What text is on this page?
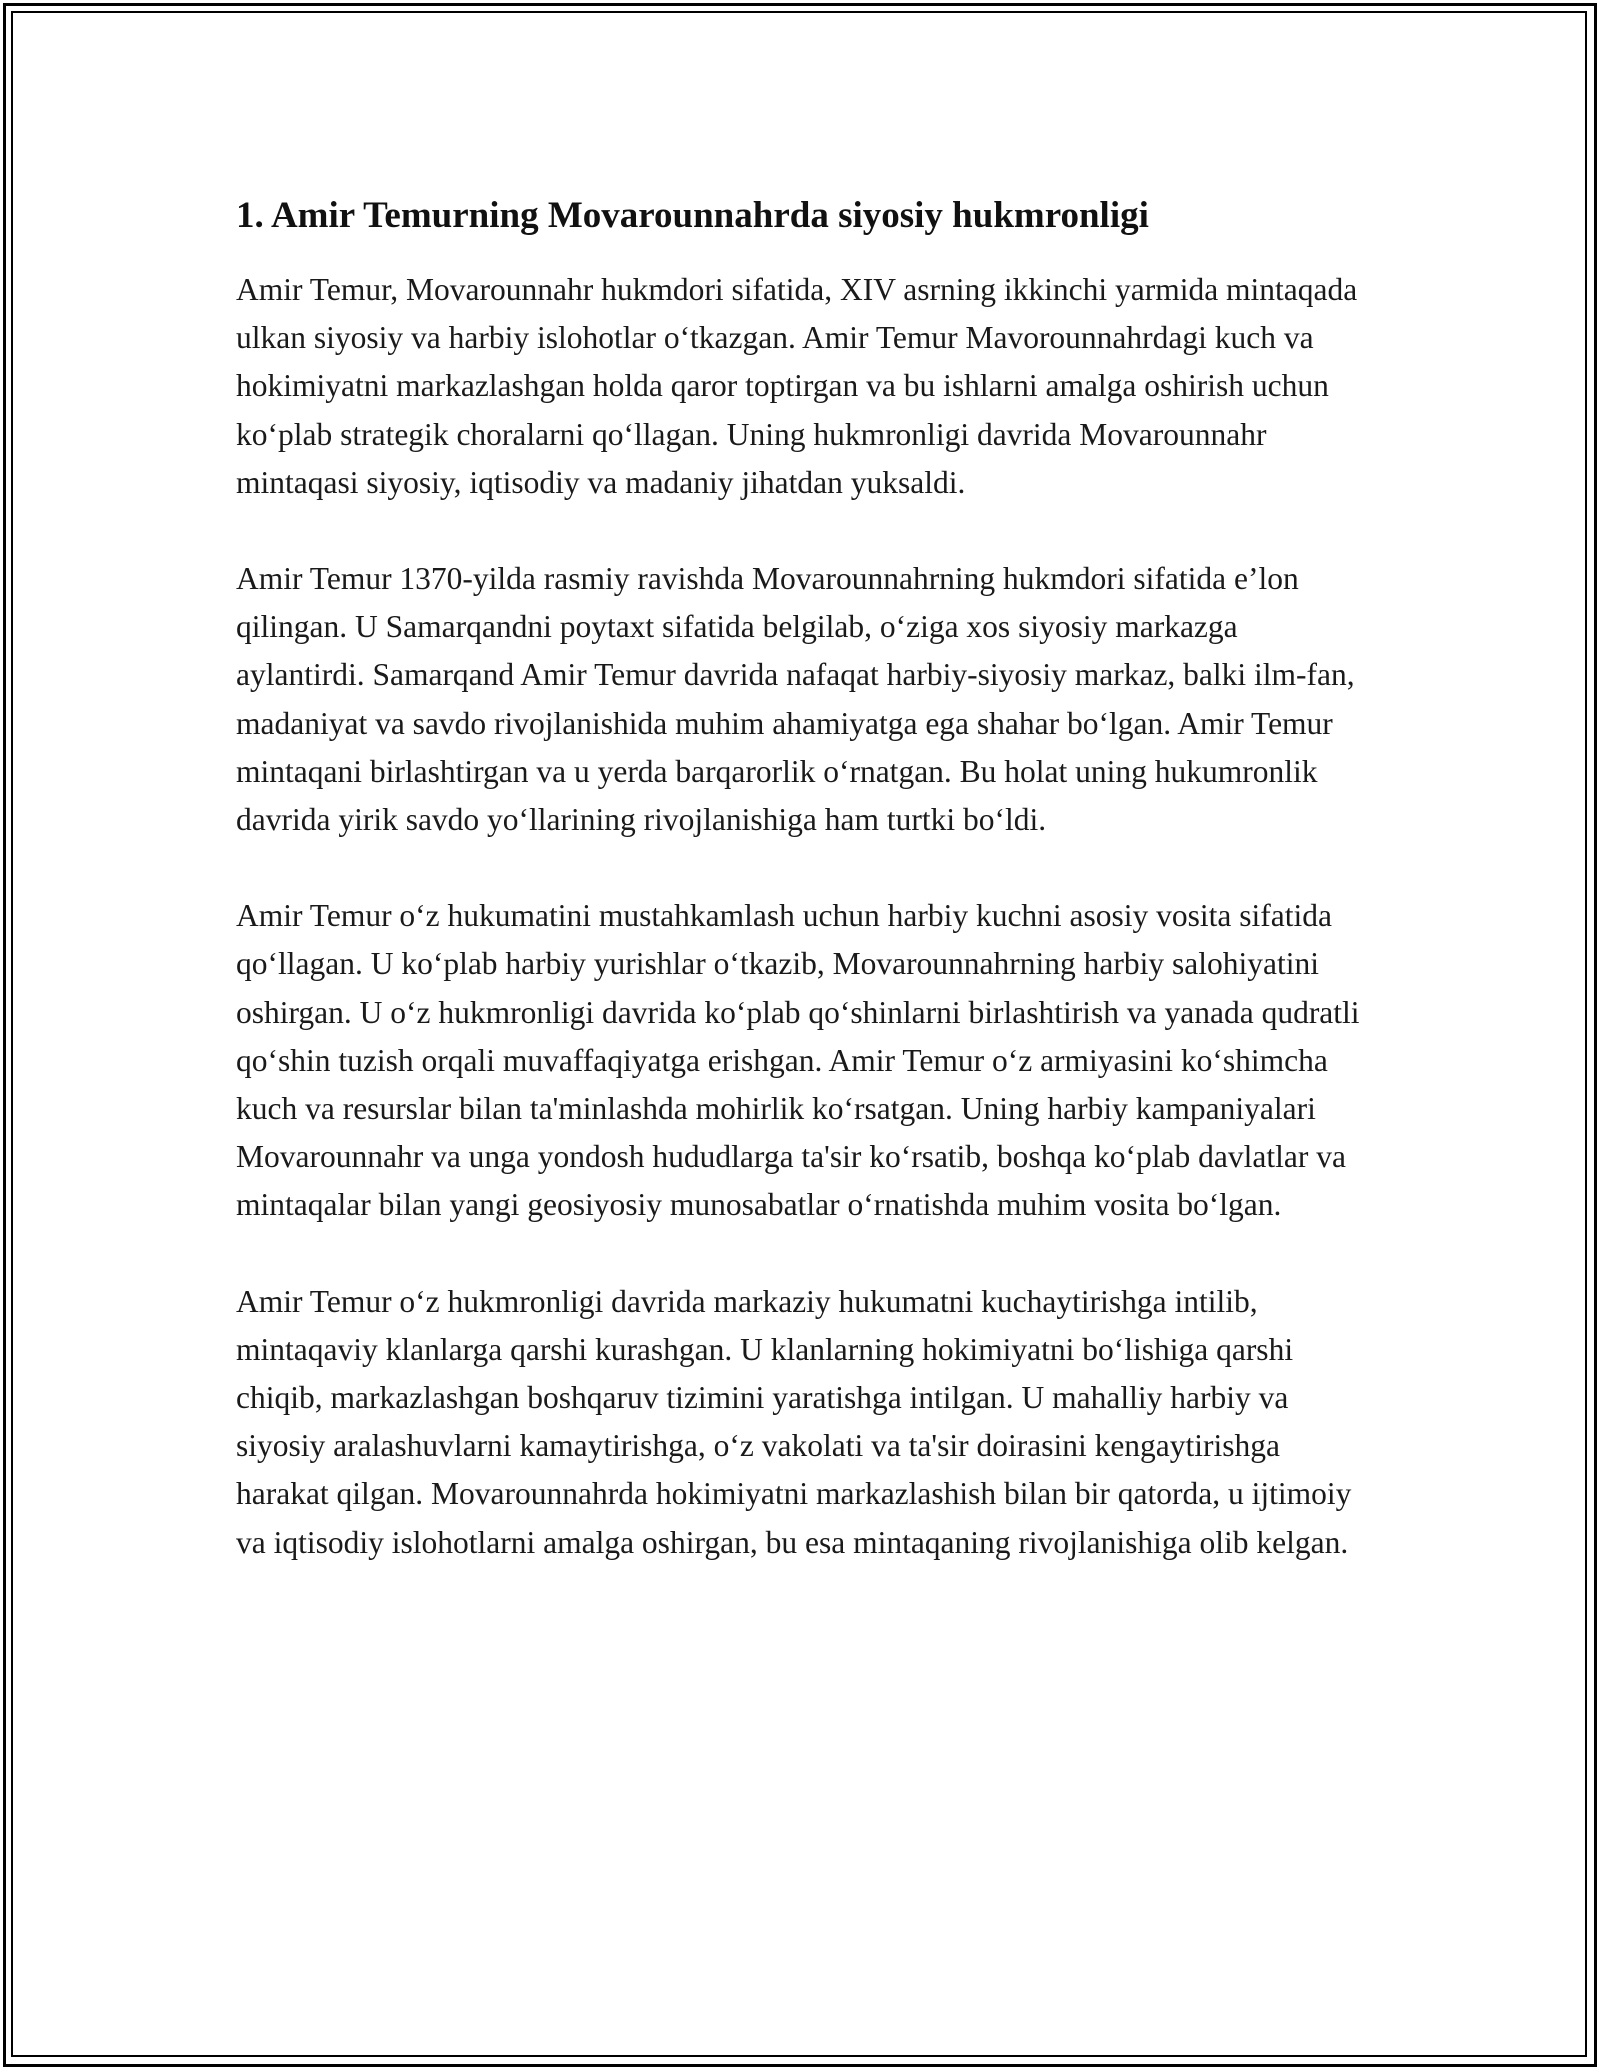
1. Amir Temurning Movarounnahrda siyosiy hukmronligi

Amir Temur, Movarounnahr hukmdori sifatida, XIV asrning ikkinchi yarmida mintaqada ulkan siyosiy va harbiy islohotlar o‘tkazgan. Amir Temur Mavorounnahrdagi kuch va hokimiyatni markazlashgan holda qaror toptirgan va bu ishlarni amalga oshirish uchun ko‘plab strategik choralarni qo‘llagan. Uning hukmronligi davrida Movarounnahr mintaqasi siyosiy, iqtisodiy va madaniy jihatdan yuksaldi.

Amir Temur 1370-yilda rasmiy ravishda Movarounnahrning hukmdori sifatida e’lon qilingan. U Samarqandni poytaxt sifatida belgilab, o‘ziga xos siyosiy markazga aylantirdi. Samarqand Amir Temur davrida nafaqat harbiy-siyosiy markaz, balki ilm-fan, madaniyat va savdo rivojlanishida muhim ahamiyatga ega shahar bo‘lgan. Amir Temur mintaqani birlashtirgan va u yerda barqarorlik o‘rnatgan. Bu holat uning hukumronlik davrida yirik savdo yo‘llarining rivojlanishiga ham turtki bo‘ldi.

Amir Temur o‘z hukumatini mustahkamlash uchun harbiy kuchni asosiy vosita sifatida qo‘llagan. U ko‘plab harbiy yurishlar o‘tkazib, Movarounnahrning harbiy salohiyatini oshirgan. U o‘z hukmronligi davrida ko‘plab qo‘shinlarni birlashtirish va yanada qudratli qo‘shin tuzish orqali muvaffaqiyatga erishgan. Amir Temur o‘z armiyasini ko‘shimcha kuch va resurslar bilan ta'minlashda mohirlik ko‘rsatgan. Uning harbiy kampaniyalari Movarounnahr va unga yondosh hududlarga ta'sir ko‘rsatib, boshqa ko‘plab davlatlar va mintaqalar bilan yangi geosiyosiy munosabatlar o‘rnatishda muhim vosita bo‘lgan.

Amir Temur o‘z hukmronligi davrida markaziy hukumatni kuchaytirishga intilib, mintaqaviy klanlarga qarshi kurashgan. U klanlarning hokimiyatni bo‘lishiga qarshi chiqib, markazlashgan boshqaruv tizimini yaratishga intilgan. U mahalliy harbiy va siyosiy aralashuvlarni kamaytirishga, o‘z vakolati va ta'sir doirasini kengaytirishga harakat qilgan. Movarounnahrda hokimiyatni markazlashish bilan bir qatorda, u ijtimoiy va iqtisodiy islohotlarni amalga oshirgan, bu esa mintaqaning rivojlanishiga olib kelgan.
